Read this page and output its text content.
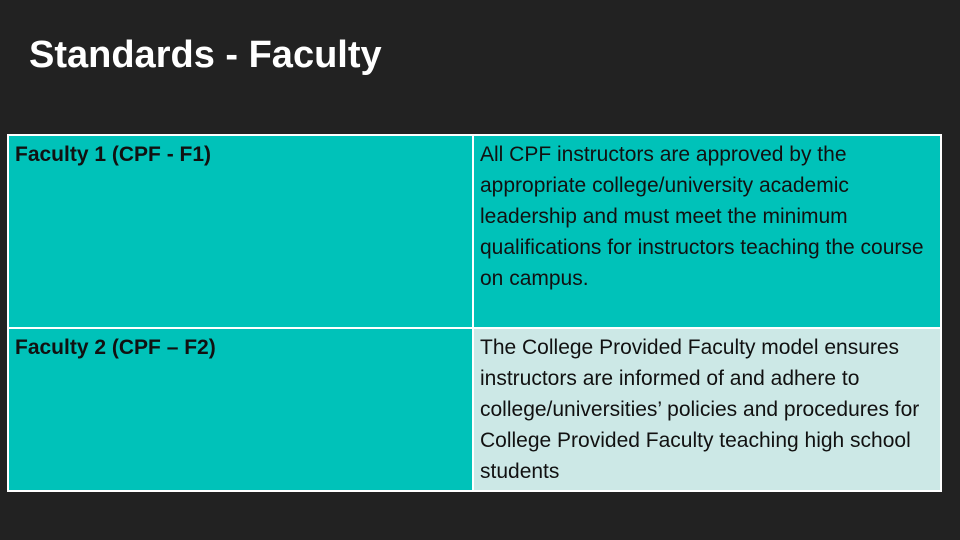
Standards - Faculty
Faculty 1 (CPF - F1)	All CPF instructors are approved by the appropriate college/university academic leadership and must meet the minimum qualifications for instructors teaching the course on campus.
Faculty 2 (CPF – F2)	The College Provided Faculty model ensures instructors are informed of and adhere to college/universities’ policies and procedures for College Provided Faculty teaching high school students
